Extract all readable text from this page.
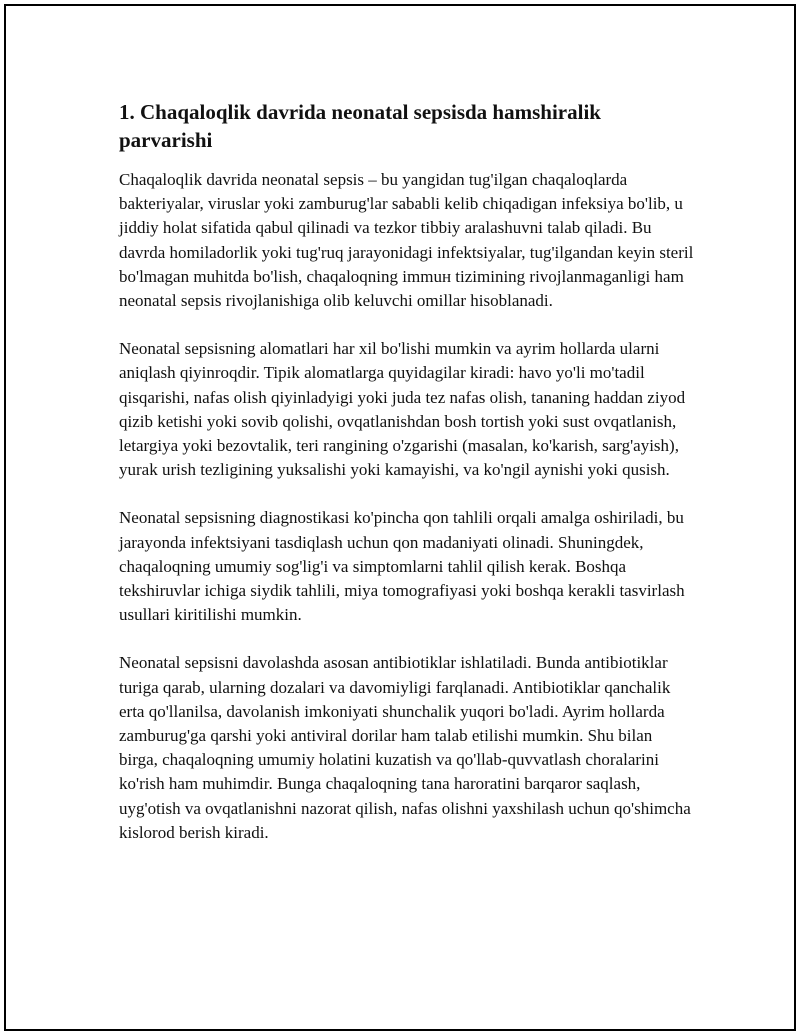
1. Chaqaloqlik davrida neonatal sepsisda hamshiralik parvarishi

Chaqaloqlik davrida neonatal sepsis – bu yangidan tug'ilgan chaqaloqlarda bakteriyalar, viruslar yoki zamburug'lar sababli kelib chiqadigan infeksiya bo'lib, u jiddiy holat sifatida qabul qilinadi va tezkor tibbiy aralashuvni talab qiladi. Bu davrda homiladorlik yoki tug'ruq jarayonidagi infektsiyalar, tug'ilgandan keyin steril bo'lmagan muhitda bo'lish, chaqaloqning immuн tizimining rivojlanmaganligi ham neonatal sepsis rivojlanishiga olib keluvchi omillar hisoblanadi.

Neonatal sepsisning alomatlari har xil bo'lishi mumkin va ayrim hollarda ularni aniqlash qiyinroqdir. Tipik alomatlarga quyidagilar kiradi: havo yo'li mo'tadil qisqarishi, nafas olish qiyinladyigi yoki juda tez nafas olish, tananing haddan ziyod qizib ketishi yoki sovib qolishi, ovqatlanishdan bosh tortish yoki sust ovqatlanish, letargiya yoki bezovtalik, teri rangining o'zgarishi (masalan, ko'karish, sarg'ayish), yurak urish tezligining yuksalishi yoki kamayishi, va ko'ngil aynishi yoki qusish.

Neonatal sepsisning diagnostikasi ko'pincha qon tahlili orqali amalga oshiriladi, bu jarayonda infektsiyani tasdiqlash uchun qon madaniyati olinadi. Shuningdek, chaqaloqning umumiy sog'lig'i va simptomlarni tahlil qilish kerak. Boshqa tekshiruvlar ichiga siydik tahlili, miya tomografiyasi yoki boshqa kerakli tasvirlash usullari kiritilishi mumkin.

Neonatal sepsisni davolashda asosan antibiotiklar ishlatiladi. Bunda antibiotiklar turiga qarab, ularning dozalari va davomiyligi farqlanadi. Antibiotiklar qanchalik erta qo'llanilsa, davolanish imkoniyati shunchalik yuqori bo'ladi. Ayrim hollarda zamburug'ga qarshi yoki antiviral dorilar ham talab etilishi mumkin. Shu bilan birga, chaqaloqning umumiy holatini kuzatish va qo'llab-quvvatlash choralarini ko'rish ham muhimdir. Bunga chaqaloqning tana haroratini barqaror saqlash, uyg'otish va ovqatlanishni nazorat qilish, nafas olishni yaxshilash uchun qo'shimcha kislorod berish kiradi.
